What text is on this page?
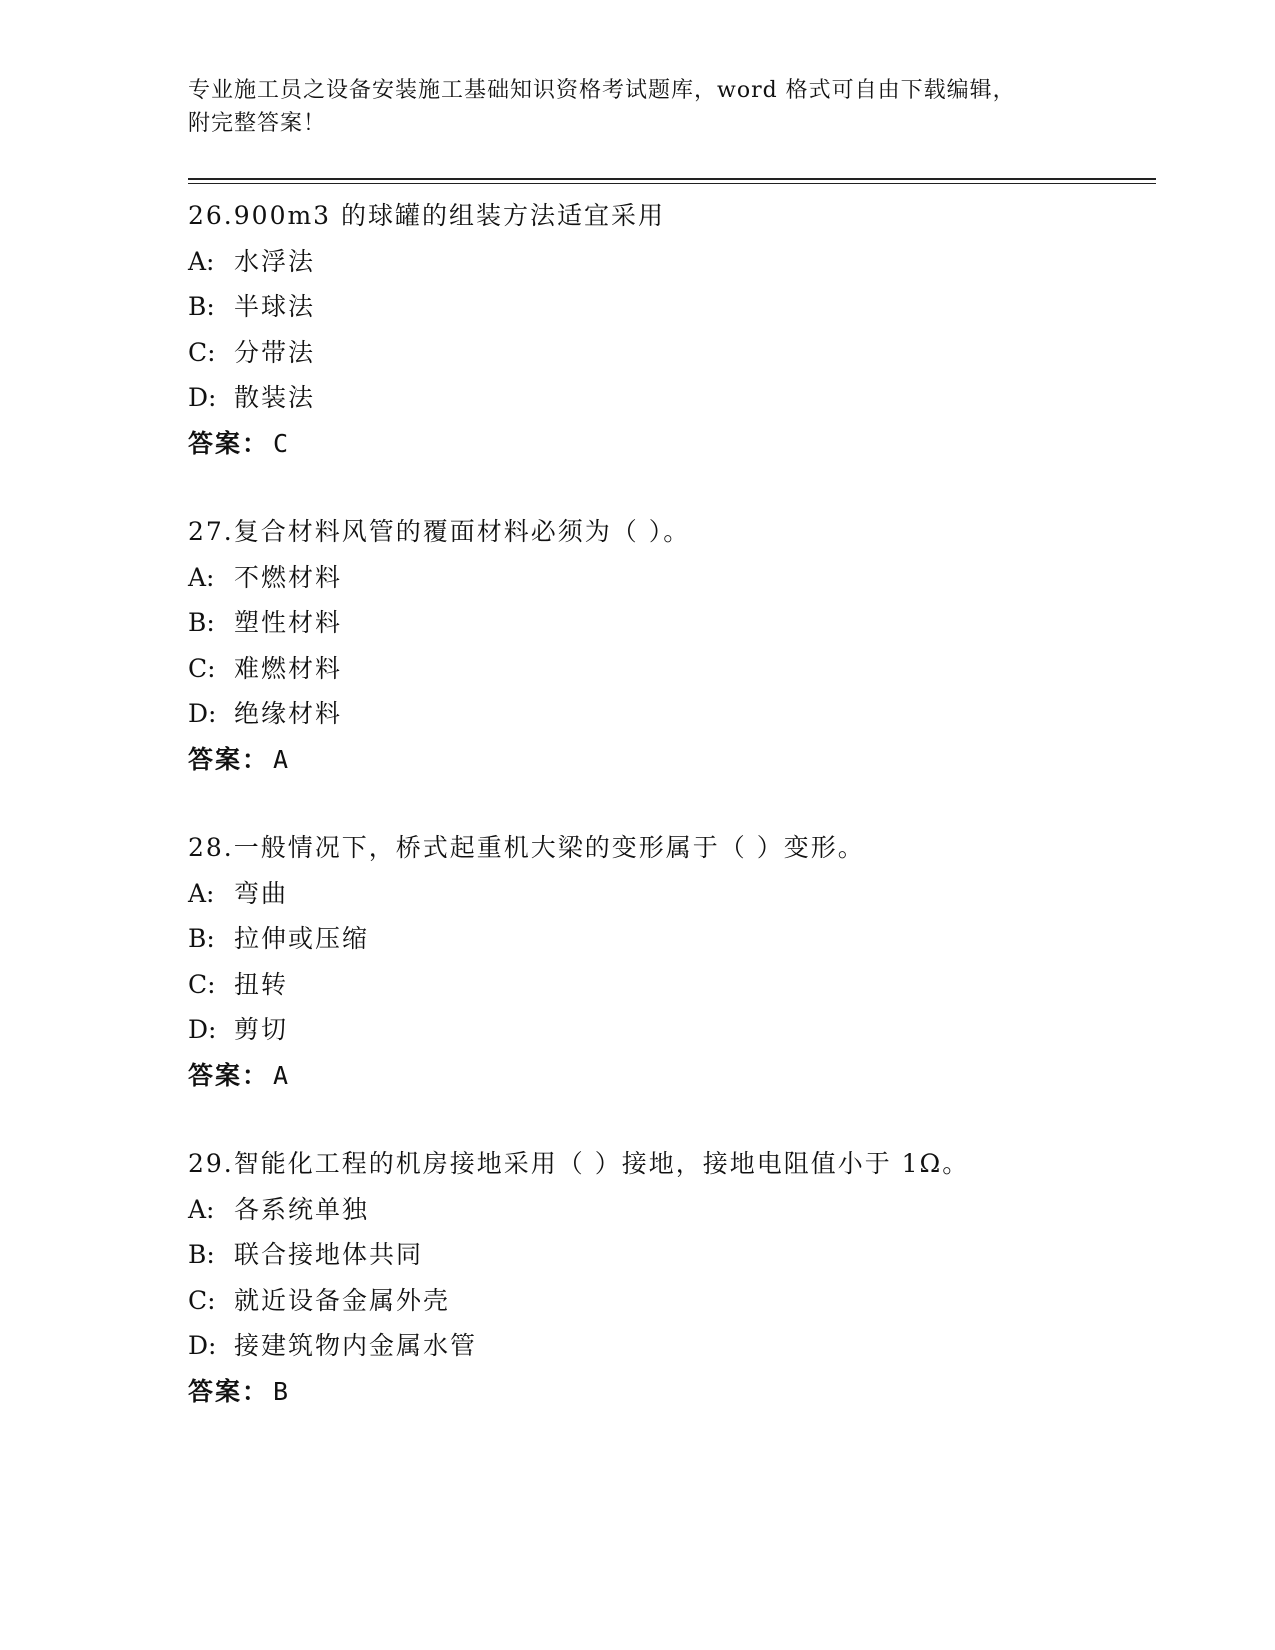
专业施工员之设备安装施工基础知识资格考试题库，word 格式可自由下载编辑，
附完整答案！
26.900m3 的球罐的组装方法适宜采用
A: 水浮法
B: 半球法
C: 分带法
D: 散装法
答案： C
27.复合材料风管的覆面材料必须为（ ）。
A: 不燃材料
B: 塑性材料
C: 难燃材料
D: 绝缘材料
答案： A
28.一般情况下，桥式起重机大梁的变形属于（ ）变形。
A: 弯曲
B: 拉伸或压缩
C: 扭转
D: 剪切
答案： A
29.智能化工程的机房接地采用（ ）接地，接地电阻值小于 1Ω。
A: 各系统单独
B: 联合接地体共同
C: 就近设备金属外壳
D: 接建筑物内金属水管
答案： B
